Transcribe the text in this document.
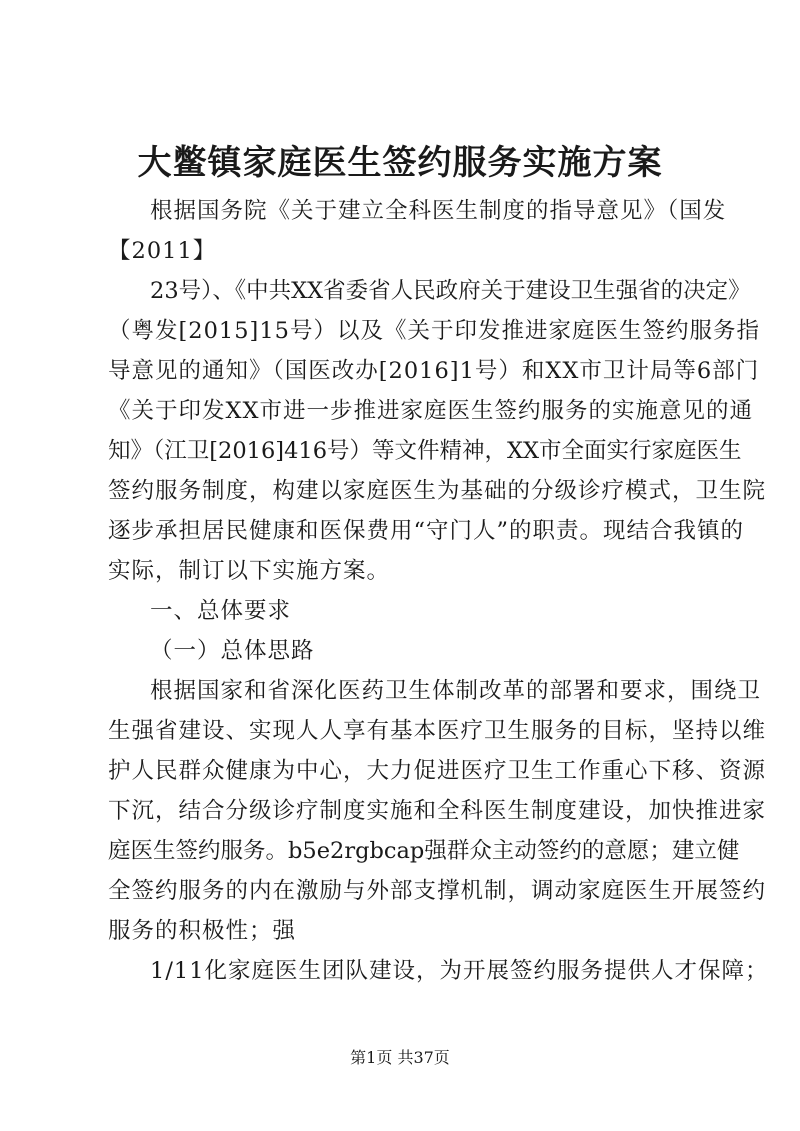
大鳖镇家庭医生签约服务实施方案
根据国务院《关于建立全科医生制度的指导意见》（国发
【2011】
23号）、《中共XX省委省人民政府关于建设卫生强省的决定》
（粤发[2015]15号）以及《关于印发推进家庭医生签约服务指
导意见的通知》（国医改办[2016]1号）和XX市卫计局等6部门
《关于印发XX市进一步推进家庭医生签约服务的实施意见的通
知》（江卫[2016]416号）等文件精神，XX市全面实行家庭医生
签约服务制度，构建以家庭医生为基础的分级诊疗模式，卫生院
逐步承担居民健康和医保费用“守门人”的职责。现结合我镇的
实际，制订以下实施方案。
一、总体要求
（一）总体思路
根据国家和省深化医药卫生体制改革的部署和要求，围绕卫
生强省建设、实现人人享有基本医疗卫生服务的目标，坚持以维
护人民群众健康为中心，大力促进医疗卫生工作重心下移、资源
下沉，结合分级诊疗制度实施和全科医生制度建设，加快推进家
庭医生签约服务。b5e2rgbcap强群众主动签约的意愿；建立健
全签约服务的内在激励与外部支撑机制，调动家庭医生开展签约
服务的积极性；强
1/11化家庭医生团队建设，为开展签约服务提供人才保障；
第1页 共37页
